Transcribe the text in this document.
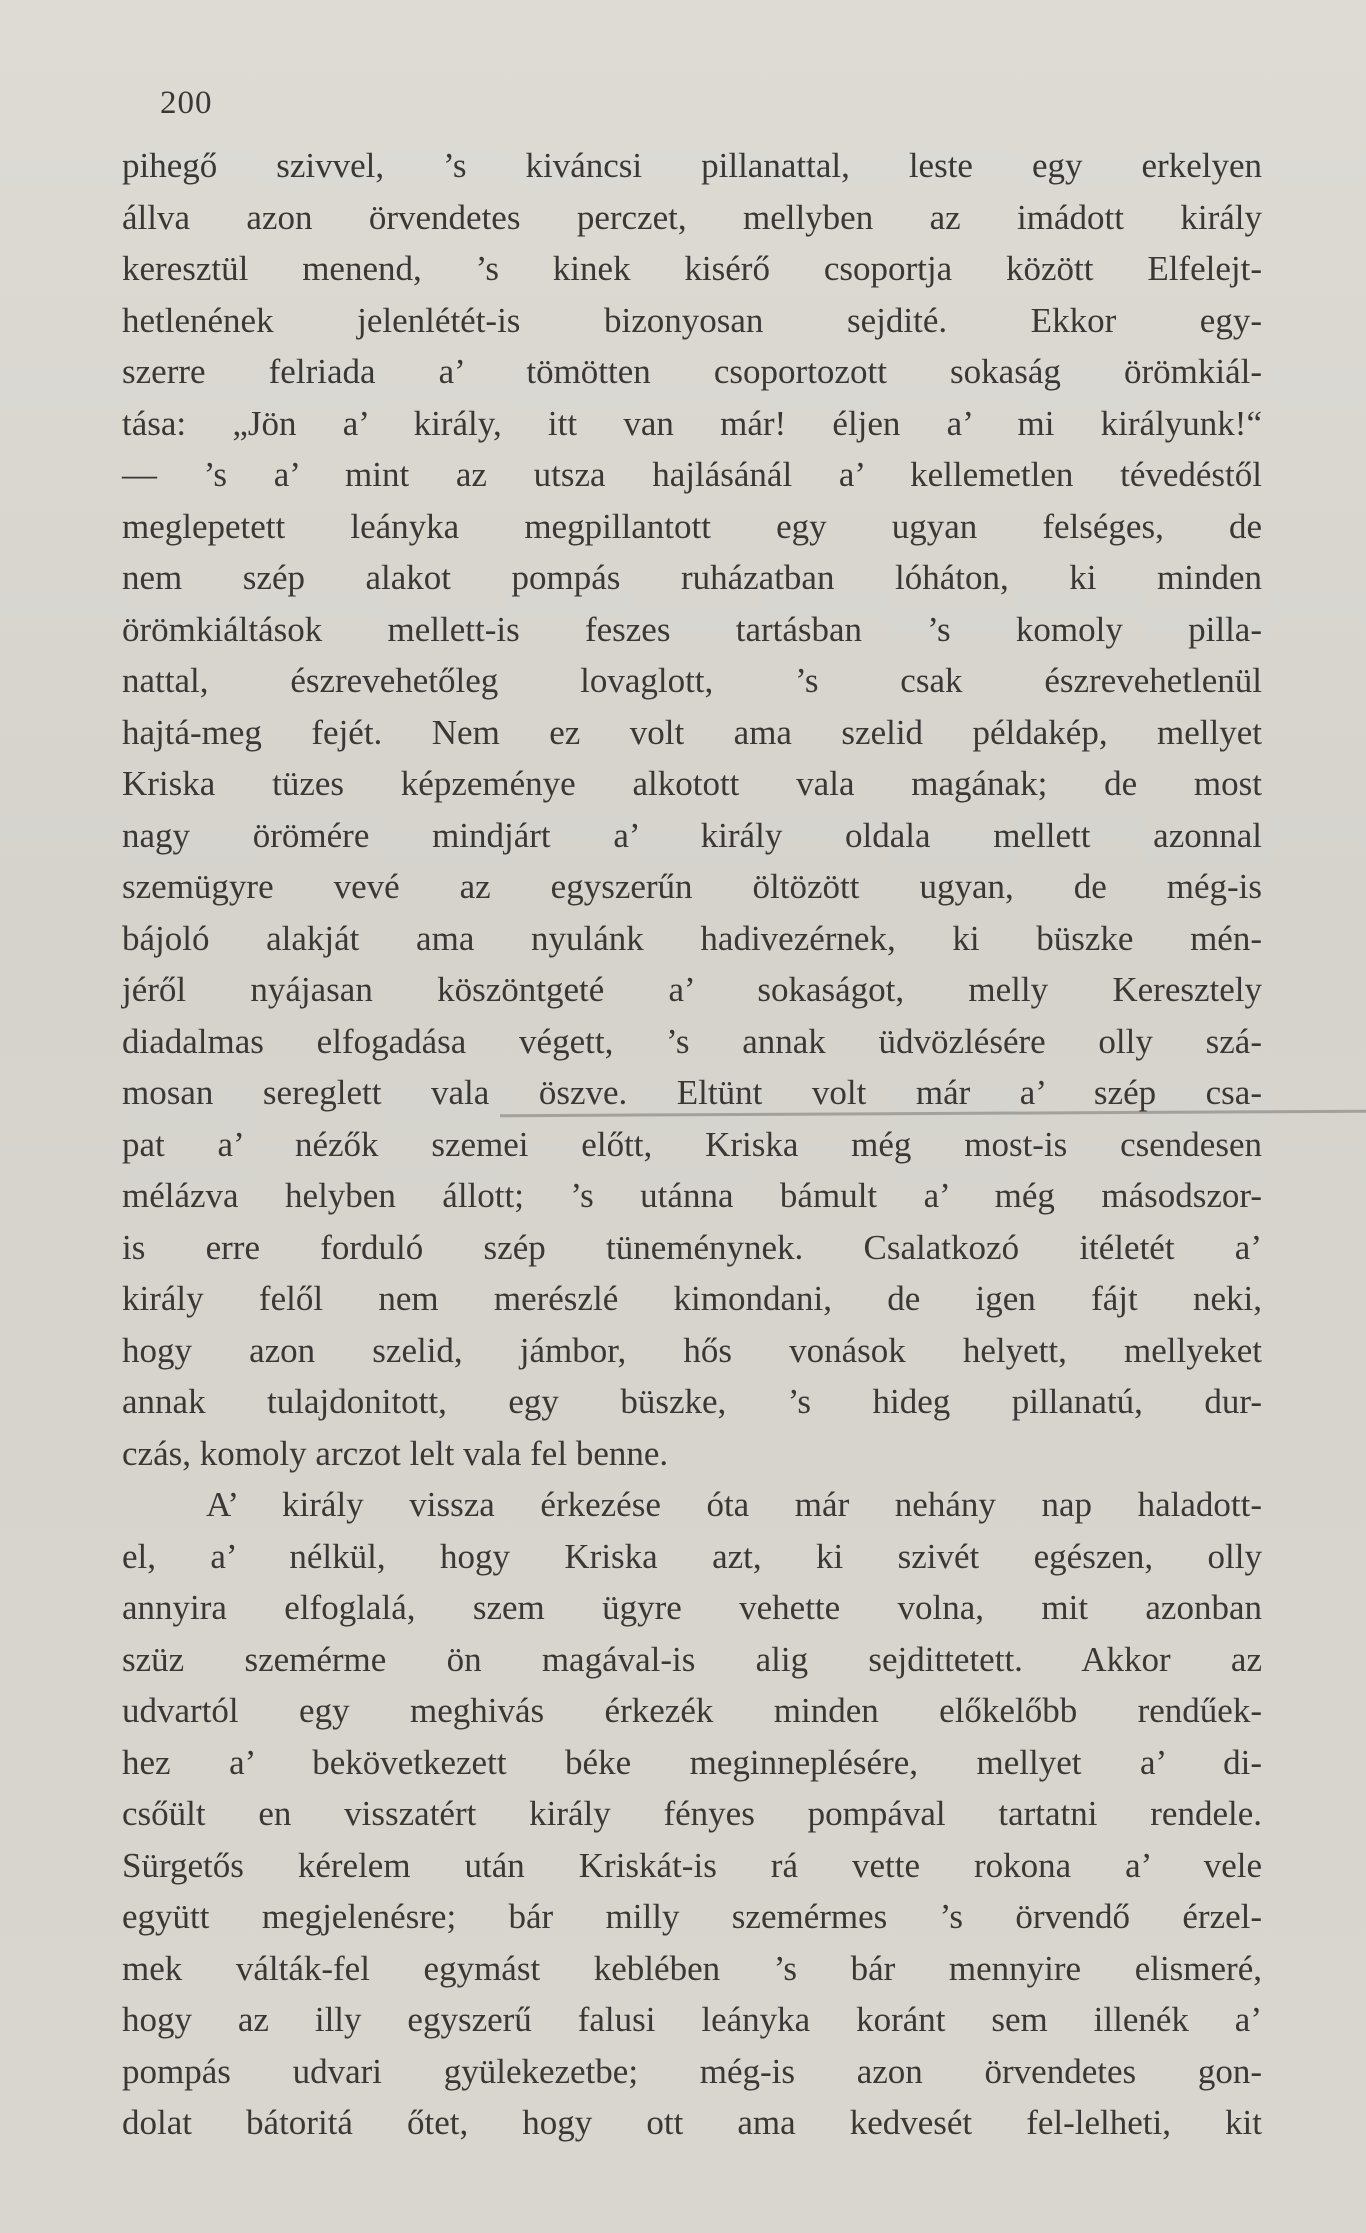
200
pihegő szivvel, ’s kiváncsi pillanattal, leste egy erkelyen
állva azon örvendetes perczet, mellyben az imádott király
keresztül menend, ’s kinek kisérő csoportja között Elfelejt-
hetlenének jelenlétét-is bizonyosan sejdité. Ekkor egy-
szerre felriada a’ tömötten csoportozott sokaság örömkiál-
tása: „Jön a’ király, itt van már! éljen a’ mi királyunk!“
— ’s a’ mint az utsza hajlásánál a’ kellemetlen tévedéstől
meglepetett leányka megpillantott egy ugyan felséges, de
nem szép alakot pompás ruházatban lóháton, ki minden
örömkiáltások mellett-is feszes tartásban ’s komoly pilla-
nattal, észrevehetőleg lovaglott, ’s csak észrevehetlenül
hajtá-meg fejét. Nem ez volt ama szelid példakép, mellyet
Kriska tüzes képzeménye alkotott vala magának; de most
nagy örömére mindjárt a’ király oldala mellett azonnal
szemügyre vevé az egyszerűn öltözött ugyan, de még-is
bájoló alakját ama nyulánk hadivezérnek, ki büszke mén-
jéről nyájasan köszöntgeté a’ sokaságot, melly Keresztely
diadalmas elfogadása végett, ’s annak üdvözlésére olly szá-
mosan sereglett vala öszve. Eltünt volt már a’ szép csa-
pat a’ nézők szemei előtt, Kriska még most-is csendesen
mélázva helyben állott; ’s utánna bámult a’ még másodszor-
is erre forduló szép tüneménynek. Csalatkozó itéletét a’
király felől nem merészlé kimondani, de igen fájt neki,
hogy azon szelid, jámbor, hős vonások helyett, mellyeket
annak tulajdonitott, egy büszke, ’s hideg pillanatú, dur-
czás, komoly arczot lelt vala fel benne.
A’ király vissza érkezése óta már nehány nap haladott-
el, a’ nélkül, hogy Kriska azt, ki szivét egészen, olly
annyira elfoglalá, szem ügyre vehette volna, mit azonban
szüz szemérme ön magával-is alig sejdittetett. Akkor az
udvartól egy meghivás érkezék minden előkelőbb rendűek-
hez a’ bekövetkezett béke meginneplésére, mellyet a’ di-
csőült en visszatért király fényes pompával tartatni rendele.
Sürgetős kérelem után Kriskát-is rá vette rokona a’ vele
együtt megjelenésre; bár milly szemérmes ’s örvendő érzel-
mek válták-fel egymást keblében ’s bár mennyire elismeré,
hogy az illy egyszerű falusi leányka koránt sem illenék a’
pompás udvari gyülekezetbe; még-is azon örvendetes gon-
dolat bátoritá őtet, hogy ott ama kedvesét fel-lelheti, kit
